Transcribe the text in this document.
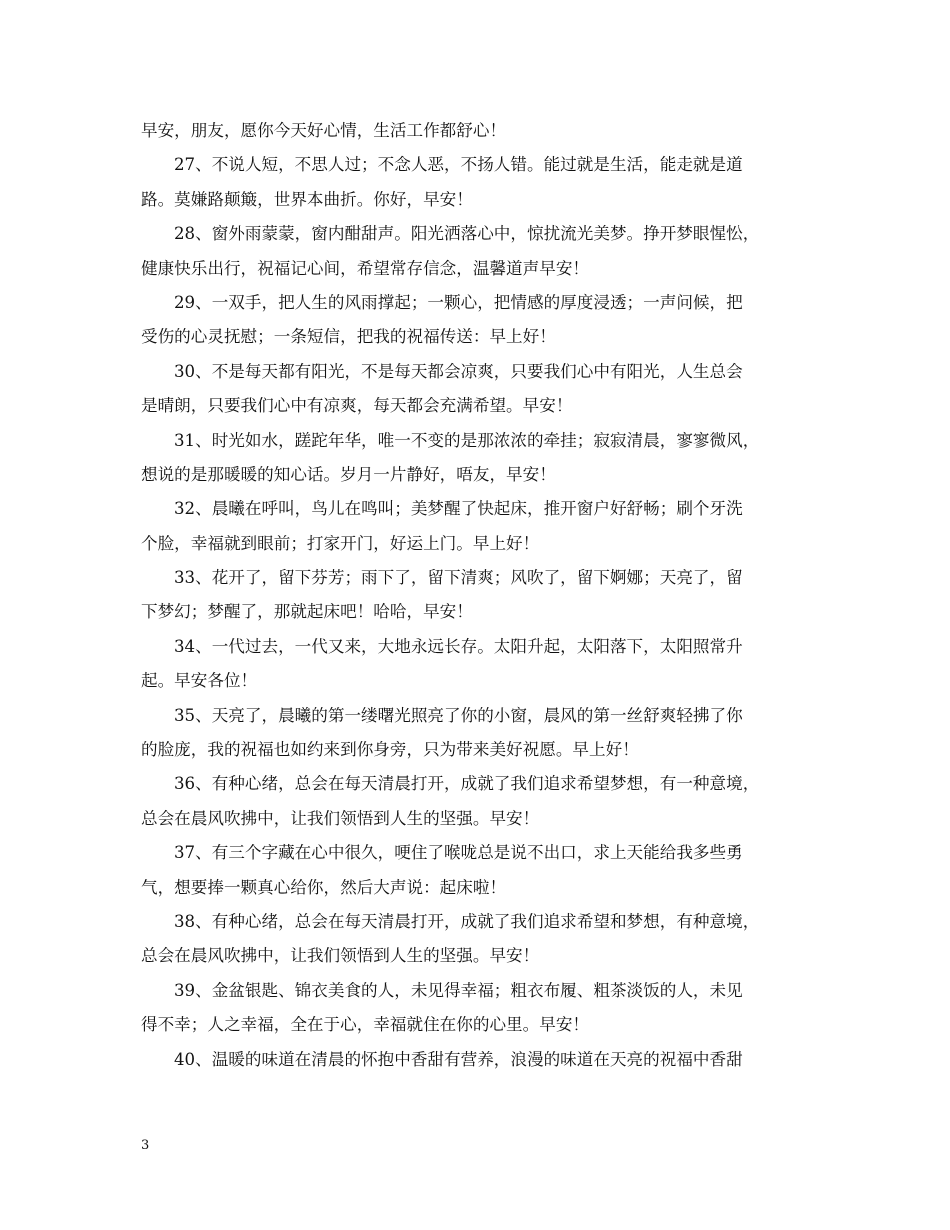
早安，朋友，愿你今天好心情，生活工作都舒心！
27、不说人短，不思人过；不念人恶，不扬人错。能过就是生活，能走就是道
路。莫嫌路颠簸，世界本曲折。你好，早安！
28、窗外雨蒙蒙，窗内酣甜声。阳光洒落心中，惊扰流光美梦。挣开梦眼惺忪，
健康快乐出行，祝福记心间，希望常存信念，温馨道声早安！
29、一双手，把人生的风雨撑起；一颗心，把情感的厚度浸透；一声问候，把
受伤的心灵抚慰；一条短信，把我的祝福传送：早上好！
30、不是每天都有阳光，不是每天都会凉爽，只要我们心中有阳光，人生总会
是晴朗，只要我们心中有凉爽，每天都会充满希望。早安！
31、时光如水，蹉跎年华，唯一不变的是那浓浓的牵挂；寂寂清晨，寥寥微风，
想说的是那暖暖的知心话。岁月一片静好，唔友，早安！
32、晨曦在呼叫，鸟儿在鸣叫；美梦醒了快起床，推开窗户好舒畅；刷个牙洗
个脸，幸福就到眼前；打家开门，好运上门。早上好！
33、花开了，留下芬芳；雨下了，留下清爽；风吹了，留下婀娜；天亮了，留
下梦幻；梦醒了，那就起床吧！哈哈，早安！
34、一代过去，一代又来，大地永远长存。太阳升起，太阳落下，太阳照常升
起。早安各位！
35、天亮了，晨曦的第一缕曙光照亮了你的小窗，晨风的第一丝舒爽轻拂了你
的脸庞，我的祝福也如约来到你身旁，只为带来美好祝愿。早上好！
36、有种心绪，总会在每天清晨打开，成就了我们追求希望梦想，有一种意境，
总会在晨风吹拂中，让我们领悟到人生的坚强。早安！
37、有三个字藏在心中很久，哽住了喉咙总是说不出口，求上天能给我多些勇
气，想要捧一颗真心给你，然后大声说：起床啦！
38、有种心绪，总会在每天清晨打开，成就了我们追求希望和梦想，有种意境，
总会在晨风吹拂中，让我们领悟到人生的坚强。早安！
39、金盆银匙、锦衣美食的人，未见得幸福；粗衣布履、粗茶淡饭的人，未见
得不幸；人之幸福，全在于心，幸福就住在你的心里。早安！
40、温暖的味道在清晨的怀抱中香甜有营养，浪漫的味道在天亮的祝福中香甜
3
